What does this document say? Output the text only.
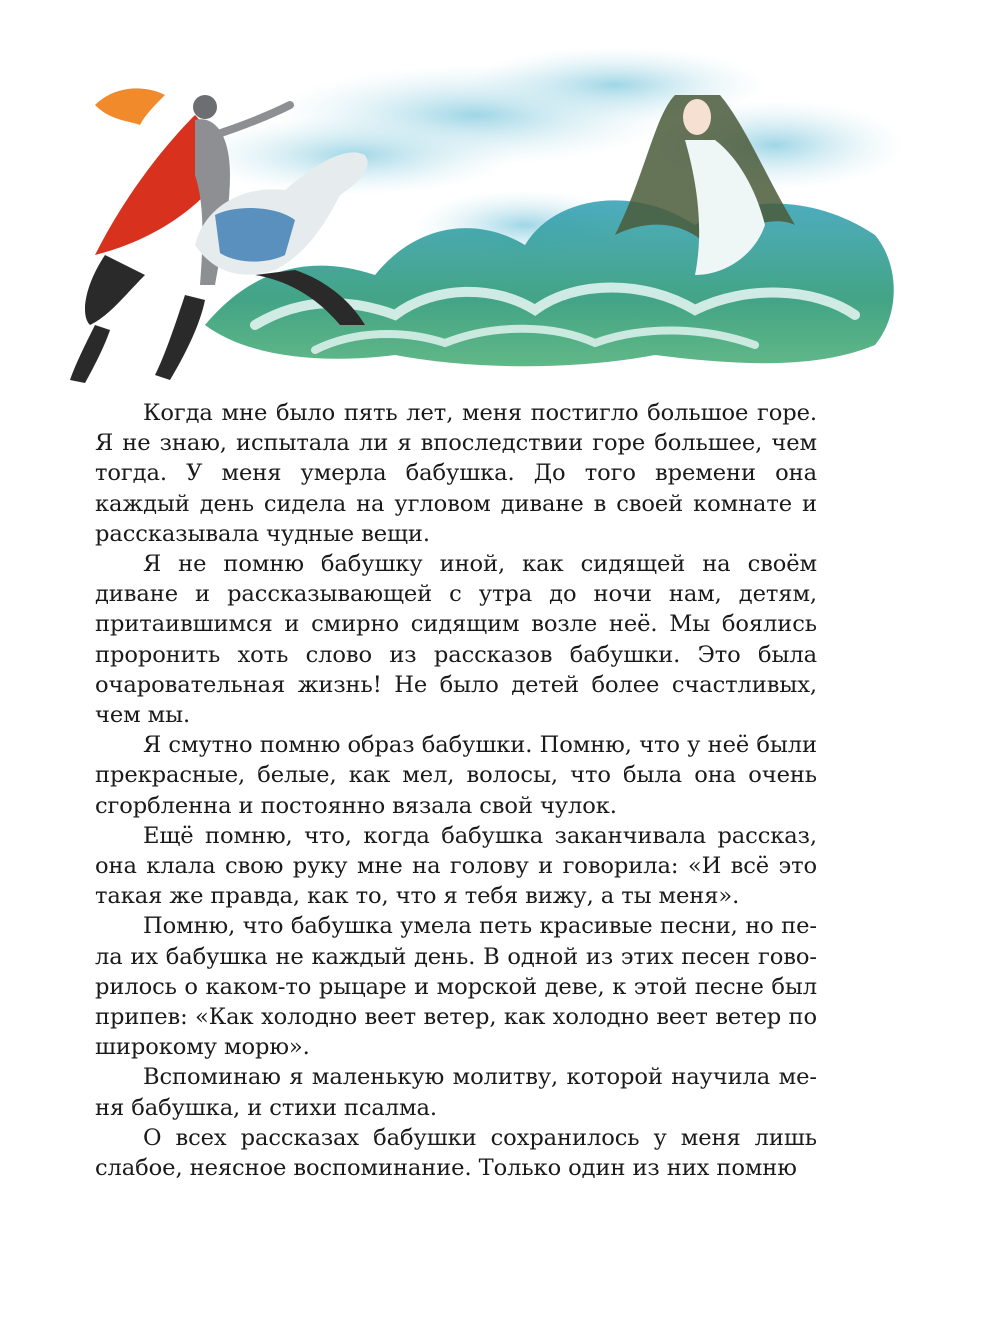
Когда мне было пять лет, меня постигло большое горе. Я не знаю, испытала ли я впоследствии горе большее, чем тогда. У меня умерла бабушка. До того времени она каждый день сидела на угловом диване в своей комнате и рассказывала чудные вещи.

Я не помню бабушку иной, как сидящей на своём диване и рассказывающей с утра до ночи нам, детям, притаившимся и смирно сидящим возле неё. Мы боялись проронить хоть слово из рассказов бабушки. Это была очаровательная жизнь! Не было детей более счастливых, чем мы.

Я смутно помню образ бабушки. Помню, что у неё были прекрасные, белые, как мел, волосы, что была она очень сгорбленна и постоянно вязала свой чулок.

Ещё помню, что, когда бабушка заканчивала рассказ, она клала свою руку мне на голову и говорила: «И всё это такая же правда, как то, что я тебя вижу, а ты меня».

Помню, что бабушка умела петь красивые песни, но пела их бабушка не каждый день. В одной из этих песен говорилось о каком-то рыцаре и морской деве, к этой песне был припев: «Как холодно веет ветер, как холодно веет ветер по широкому морю».

Вспоминаю я маленькую молитву, которой научила меня бабушка, и стихи псалма.

О всех рассказах бабушки сохранилось у меня лишь слабое, неясное воспоминание. Только один из них помню
